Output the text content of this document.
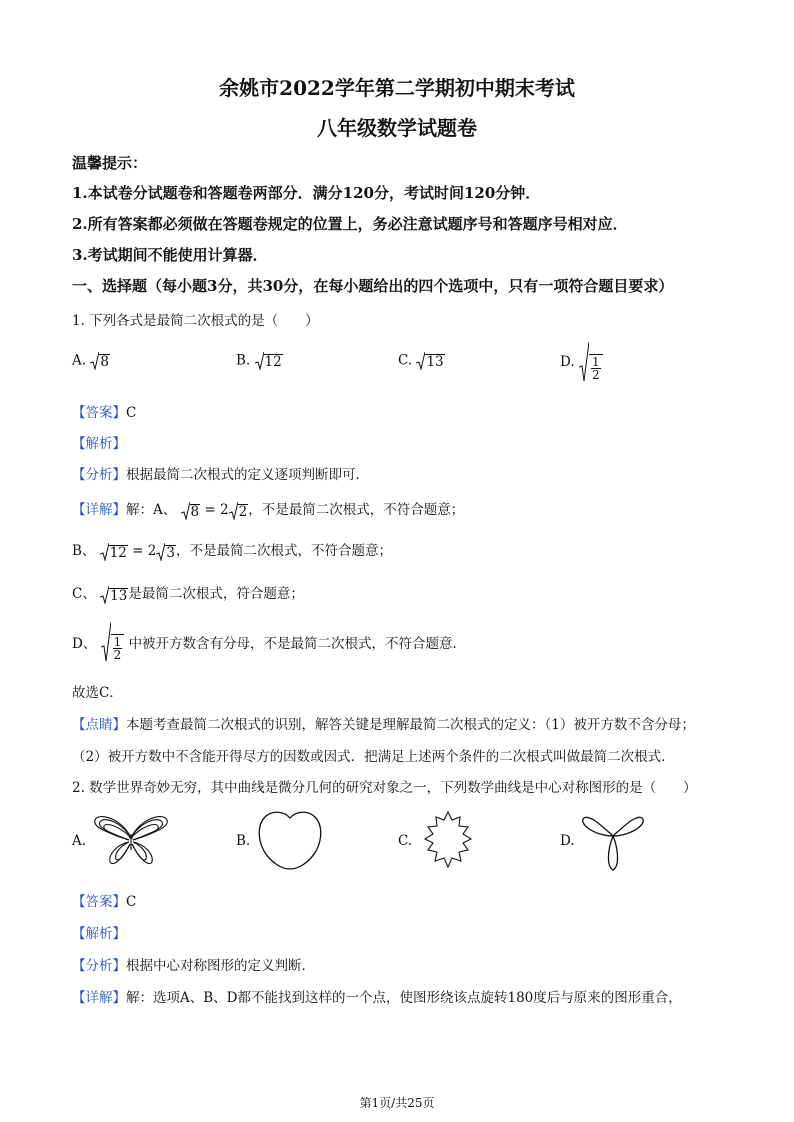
余姚市2022学年第二学期初中期末考试
八年级数学试题卷
温馨提示：
1.本试卷分试题卷和答题卷两部分．满分120分，考试时间120分钟．
2.所有答案都必须做在答题卷规定的位置上，务必注意试题序号和答题序号相对应．
3.考试期间不能使用计算器．
一、选择题（每小题3分，共30分，在每小题给出的四个选项中，只有一项符合题目要求）
1. 下列各式是最简二次根式的是（　　）
A. 8	B. 12	C. 13	D. $\frac{1}{2}$
【答案】C
【解析】
【分析】根据最简二次根式的定义逐项判断即可．
【详解】解：A、 8 = 2 2 ，不是最简二次根式，不符合题意；
B、 12 = 2 3 ，不是最简二次根式，不符合题意；
C、 13 是最简二次根式，符合题意；
D、 $\frac{1}{2}$ 中被开方数含有分母，不是最简二次根式，不符合题意．
故选C．
【点睛】本题考查最简二次根式的识别，解答关键是理解最简二次根式的定义：（1）被开方数不含分母；
（2）被开方数中不含能开得尽方的因数或因式．把满足上述两个条件的二次根式叫做最简二次根式．
2. 数学世界奇妙无穷，其中曲线是微分几何的研究对象之一，下列数学曲线是中心对称图形的是（　　）
A.	B.	C.	D.
【答案】C
【解析】
【分析】根据中心对称图形的定义判断．
【详解】解：选项A、B、D都不能找到这样的一个点，使图形绕该点旋转180度后与原来的图形重合，
第1页/共25页
